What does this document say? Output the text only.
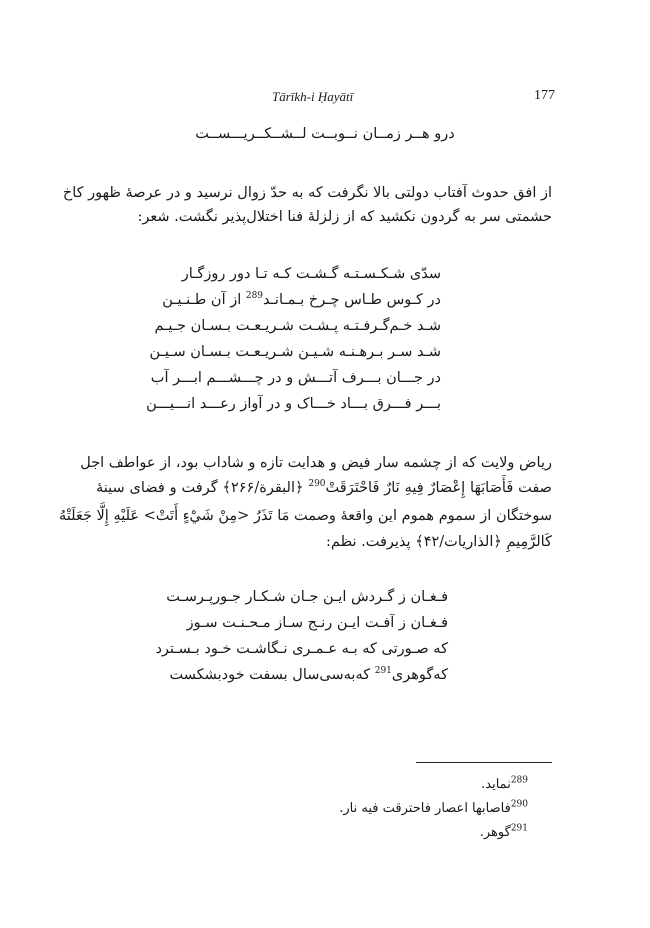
Tārīkh-i Ḥayātī	177
درو هــر زمــان نــوبــت لــشــکــریـــســت
از افق حدوث آفتاب دولتی بالا نگرفت که به حدّ زوال نرسید و در عرصهٔ ظهور کاخ
حشمتی سر به گردون نکشید که از زلزلهٔ فنا اختلال‌پذیر نگشت. شعر:
سدّی شـکـسـتـه گـشـت کـه تـا دور روزگـار
در کـوس طـاس چـرخ بـمـانـد$^{289}$ از آن طـنـیـن
شـد خـم‌گـرفـتـه پـشـت شـریـعـت بـسـان جـیـم
شـد سـر بـرهـنـه شـیـن شـریـعـت بـسـان سـیـن
در جـــان بـــرف آتـــش و در چـــشـــم ابـــر آب
بـــر فـــرق بـــاد خـــاک و در آواز رعـــد انـــیـــن
ریاض ولایت که از چشمه سار فیض و هدایت تازه و شاداب بود، از عواطف اجل
صفت فَأَصَابَهَا إِعْصَارٌ فِيهِ نَارٌ فَاحْتَرَقَتْ$^{290}$ ﴿البقرة/۲۶۶﴾ گرفت و فضای سینهٔ
سوختگان از سموم هموم این واقعهٔ وصمت مَا تَذَرُ <مِنْ شَيْءٍ أَتَتْ> عَلَيْهِ إِلَّا جَعَلَتْهُ
كَالرَّمِيمِ ﴿الذاریات/۴۲﴾ پذیرفت. نظم:
فـغـان ز گـردش ایـن جـان شـکـار جـورپـرسـت
فـغـان ز آفـت ایـن رنـج سـاز مـحـنـت سـوز
که صـورتی که بـه عـمـری نـگاشـت خـود بـسـترد
که‌گوهری$^{291}$ که‌به‌سی‌سال بسفت خودبشکست
$^{289}$نماید.
$^{290}$فاصابها اعصار فاحترقت فیه نار.
$^{291}$گوهر.
